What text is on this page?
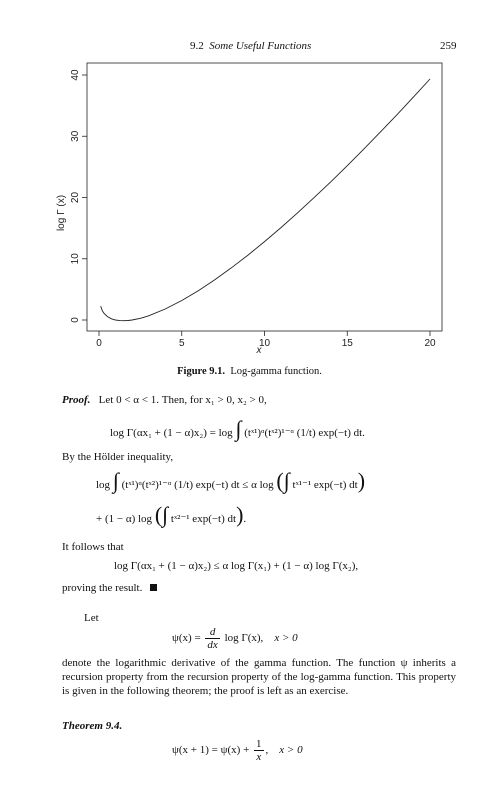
9.2 Some Useful Functions	259
0	5	10	15	20
0
10
20
30
40
x
log Γ (x)
Figure 9.1. Log-gamma function.
Proof. Let 0 < α < 1. Then, for x₁ > 0, x₂ > 0,
log Γ(αx₁ + (1 − α)x₂) = log ∫ (tˣ¹)ᵅ(tˣ²)¹⁻ᵅ (1/t) exp(−t) dt.
By the Hölder inequality,
log ∫ (tˣ¹)ᵅ(tˣ²)¹⁻ᵅ (1/t) exp(−t) dt ≤ α log (∫ tˣ¹⁻¹ exp(−t) dt)
+ (1 − α) log (∫ tˣ²⁻¹ exp(−t) dt).
It follows that
log Γ(αx₁ + (1 − α)x₂) ≤ α log Γ(x₁) + (1 − α) log Γ(x₂),
proving the result.
Let
$\psi(x) = \frac{d}{dx}$ log Γ(x), x > 0
denote the logarithmic derivative of the gamma function. The function ψ inherits a recursion property from the recursion property of the log-gamma function. This property is given in the following theorem; the proof is left as an exercise.
Theorem 9.4.
$\psi(x + 1) = \psi(x) + \frac{1}{x}$ ,    x > 0
